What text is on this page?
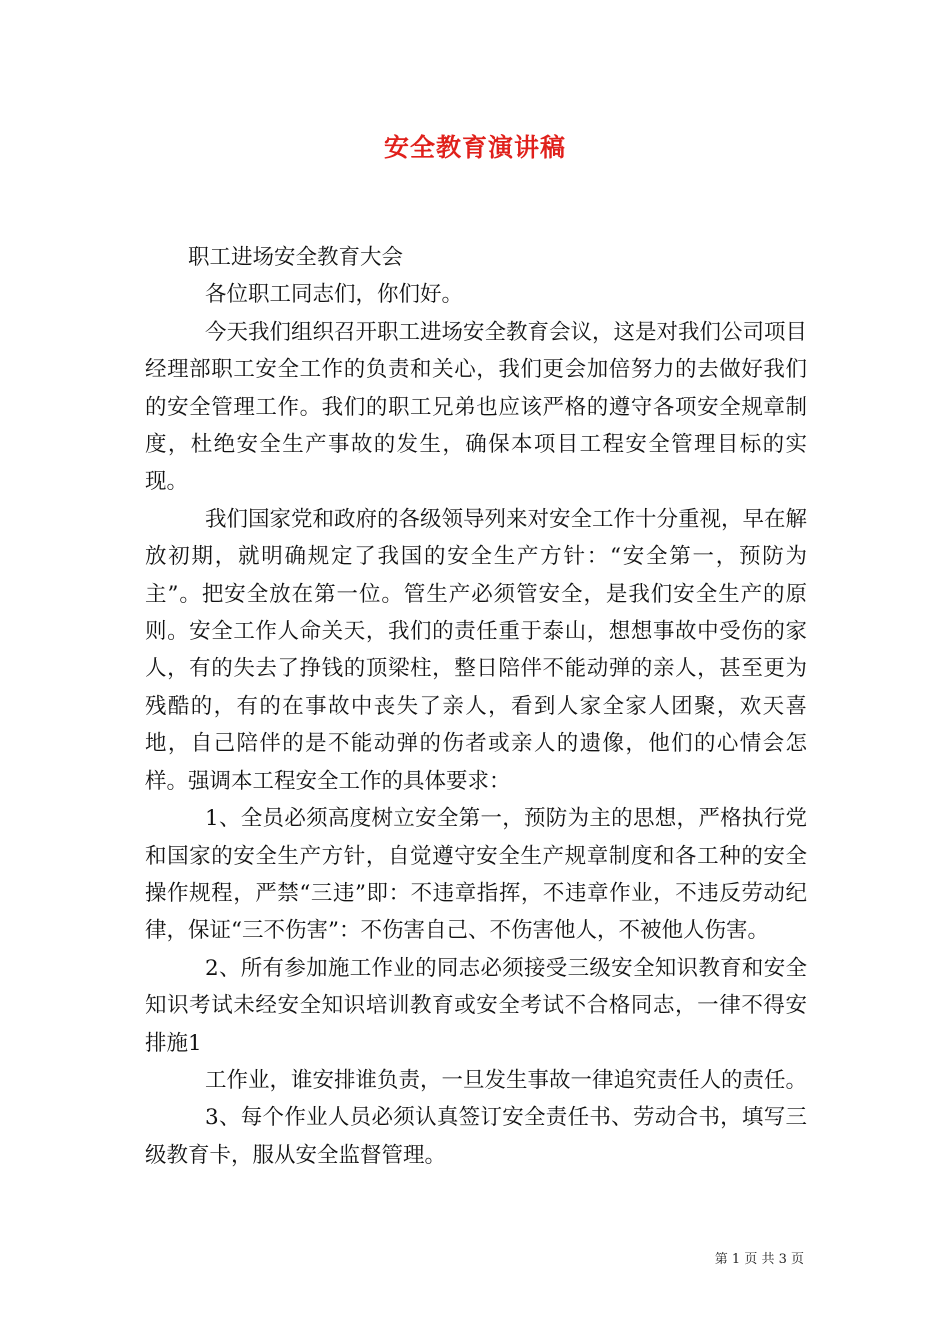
安全教育演讲稿

职工进场安全教育大会

各位职工同志们，你们好。

今天我们组织召开职工进场安全教育会议，这是对我们公司项目经理部职工安全工作的负责和关心，我们更会加倍努力的去做好我们的安全管理工作。我们的职工兄弟也应该严格的遵守各项安全规章制度，杜绝安全生产事故的发生，确保本项目工程安全管理目标的实现。

我们国家党和政府的各级领导列来对安全工作十分重视，早在解放初期，就明确规定了我国的安全生产方针：“安全第一，预防为主”。把安全放在第一位。管生产必须管安全，是我们安全生产的原则。安全工作人命关天，我们的责任重于泰山，想想事故中受伤的家人，有的失去了挣钱的顶梁柱，整日陪伴不能动弹的亲人，甚至更为残酷的，有的在事故中丧失了亲人，看到人家全家人团聚，欢天喜地，自己陪伴的是不能动弹的伤者或亲人的遗像，他们的心情会怎样。强调本工程安全工作的具体要求：

1、全员必须高度树立安全第一，预防为主的思想，严格执行党和国家的安全生产方针，自觉遵守安全生产规章制度和各工种的安全操作规程，严禁“三违”即：不违章指挥，不违章作业，不违反劳动纪律，保证“三不伤害”：不伤害自己、不伤害他人，不被他人伤害。

2、所有参加施工作业的同志必须接受三级安全知识教育和安全知识考试未经安全知识培训教育或安全考试不合格同志，一律不得安排施1

工作业，谁安排谁负责，一旦发生事故一律追究责任人的责任。

3、每个作业人员必须认真签订安全责任书、劳动合书，填写三级教育卡，服从安全监督管理。

第 1 页 共 3 页
